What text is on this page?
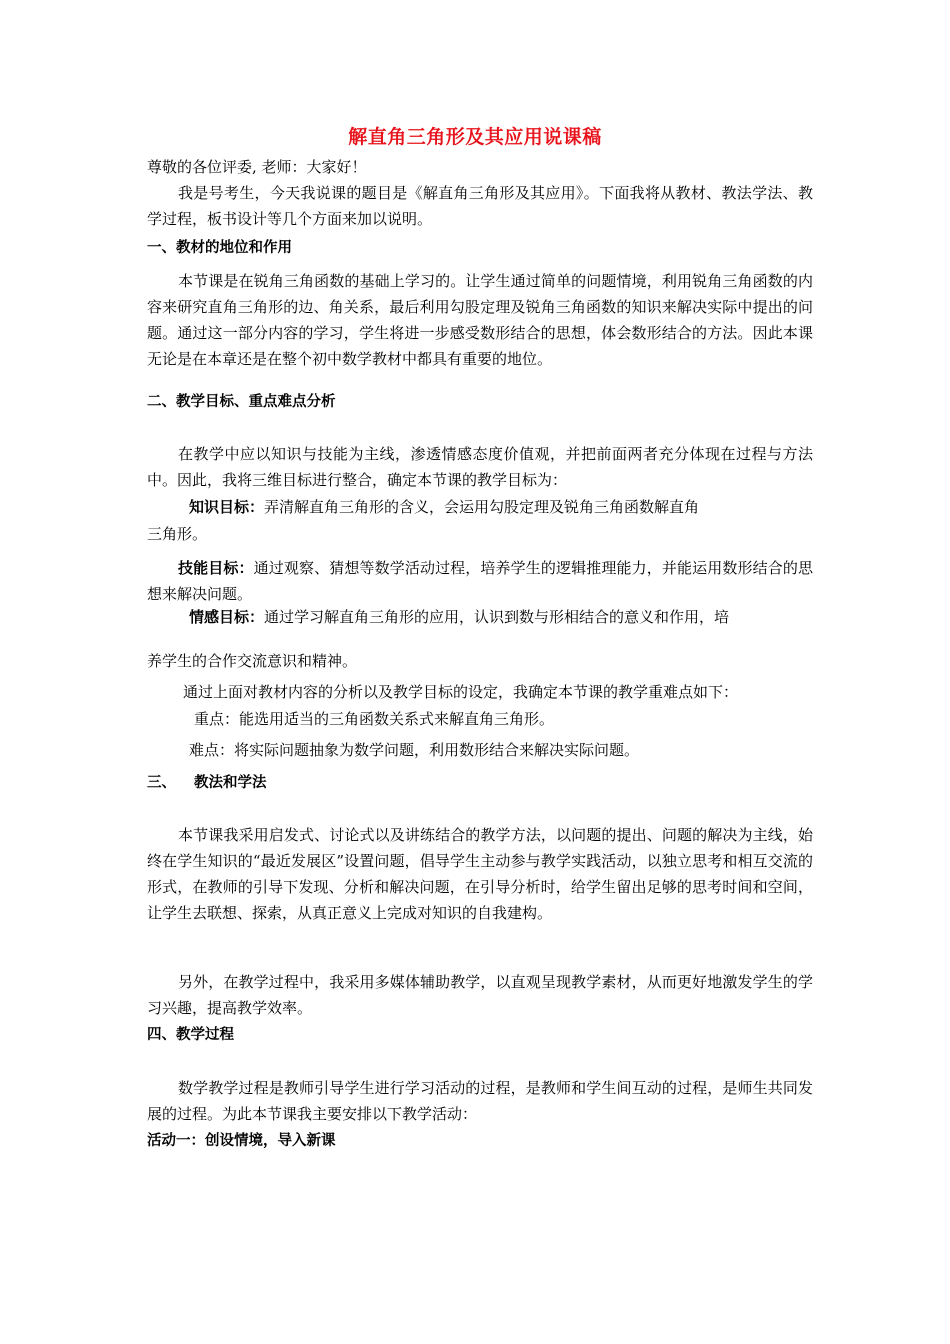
解直角三角形及其应用说课稿
尊敬的各位评委, 老师：大家好！
我是号考生，今天我说课的题目是《解直角三角形及其应用》。下面我将从教材、教法学法、教学过程，板书设计等几个方面来加以说明。
一、教材的地位和作用
本节课是在锐角三角函数的基础上学习的。让学生通过简单的问题情境，利用锐角三角函数的内容来研究直角三角形的边、角关系，最后利用勾股定理及锐角三角函数的知识来解决实际中提出的问题。通过这一部分内容的学习，学生将进一步感受数形结合的思想，体会数形结合的方法。因此本课无论是在本章还是在整个初中数学教材中都具有重要的地位。
二、教学目标、重点难点分析
在教学中应以知识与技能为主线，渗透情感态度价值观，并把前面两者充分体现在过程与方法中。因此，我将三维目标进行整合，确定本节课的教学目标为：
知识目标：弄清解直角三角形的含义，会运用勾股定理及锐角三角函数解直角
三角形。
技能目标：通过观察、猜想等数学活动过程，培养学生的逻辑推理能力，并能运用数形结合的思想来解决问题。
情感目标：通过学习解直角三角形的应用，认识到数与形相结合的意义和作用，培
养学生的合作交流意识和精神。
通过上面对教材内容的分析以及教学目标的设定，我确定本节课的教学重难点如下：
重点：能选用适当的三角函数关系式来解直角三角形。
难点：将实际问题抽象为数学问题，利用数形结合来解决实际问题。
三、 教法和学法
本节课我采用启发式、讨论式以及讲练结合的教学方法，以问题的提出、问题的解决为主线，始终在学生知识的“最近发展区”设置问题，倡导学生主动参与教学实践活动，以独立思考和相互交流的形式，在教师的引导下发现、分析和解决问题，在引导分析时，给学生留出足够的思考时间和空间，让学生去联想、探索，从真正意义上完成对知识的自我建构。
另外，在教学过程中，我采用多媒体辅助教学，以直观呈现教学素材，从而更好地激发学生的学习兴趣，提高教学效率。
四、教学过程
数学教学过程是教师引导学生进行学习活动的过程，是教师和学生间互动的过程，是师生共同发展的过程。为此本节课我主要安排以下教学活动：
活动一：创设情境，导入新课
